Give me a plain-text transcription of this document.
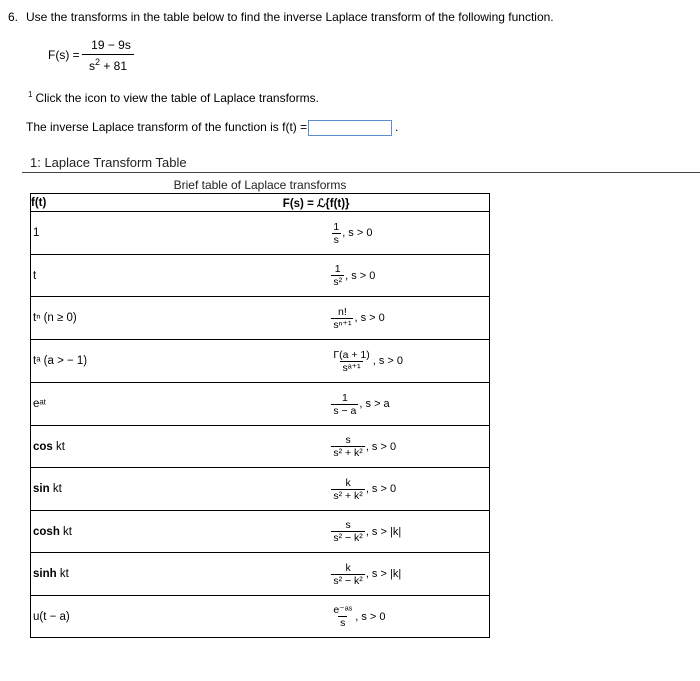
6. Use the transforms in the table below to find the inverse Laplace transform of the following function.
F(s) =
19 − 9s
$s^2 + 81$
$^1$ Click the icon to view the table of Laplace transforms.
The inverse Laplace transform of the function is f(t) =	.
1: Laplace Transform Table
Brief table of Laplace transforms
f(t)	F(s) = ℒ{f(t)}
1	$\frac{1}{s}$ , s > 0

t	$\frac{1}{\text{s²}}$ , s > 0

tⁿ (n ≥ 0)	$\frac{n!}{\text{sⁿ⁺¹}}$ , s > 0

tᵃ (a > − 1)	$\frac{\Gamma(a + 1)}{\text{sᵃ⁺¹}}$ , s > 0

eᵃᵗ	$\frac{1}{s - a}$ , s > a

cos kt	$\frac{s}{\text{s² + k²}}$ , s > 0

sin kt	$\frac{k}{\text{s² + k²}}$ , s > 0

cosh kt	$\frac{s}{\text{s² − k²}}$ , s > |k|

sinh kt	$\frac{k}{\text{s² − k²}}$ , s > |k|

u(t − a)	$\frac{\text{e⁻ᵃˢ}}{s}$ , s > 0
